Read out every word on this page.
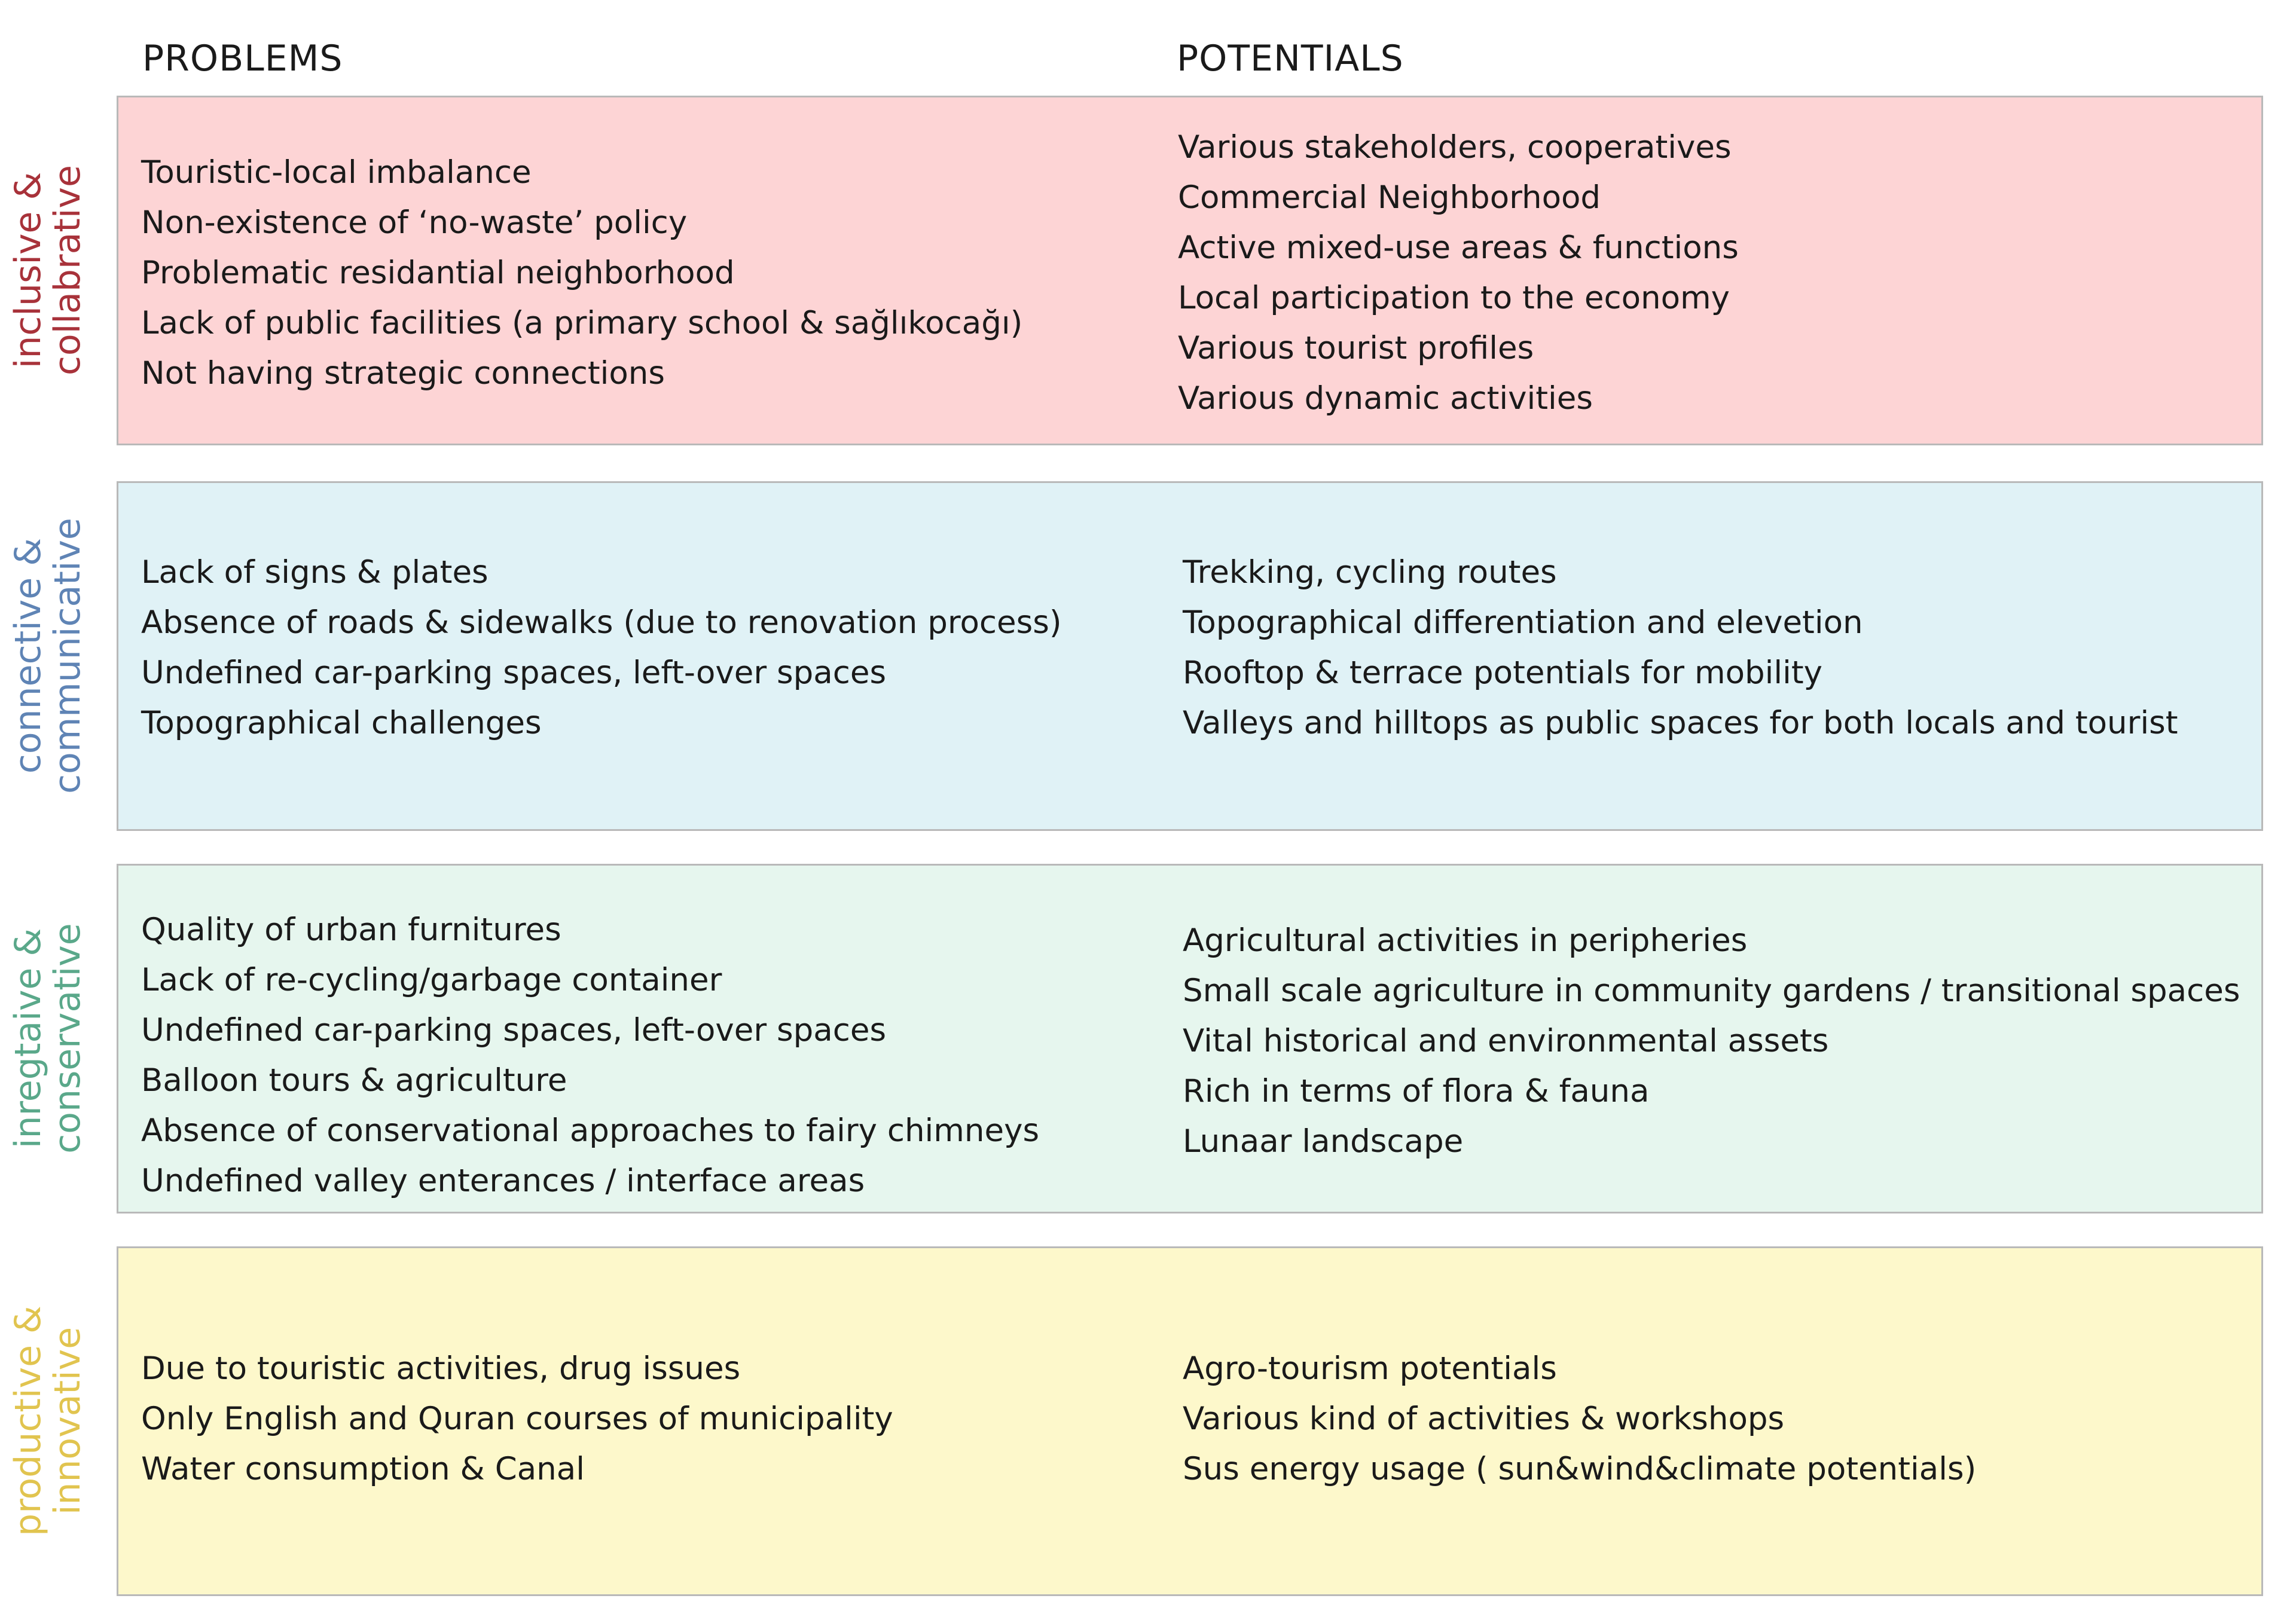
PROBLEMS	POTENTIALS
inclusive &
collabrative Touristic-local imbalance
Non-existence of ‘no-waste’ policy
Problematic residantial neighborhood
Lack of public facilities (a primary school & sağlıkocağı)
Not having strategic connections
Various stakeholders, cooperatives
Commercial Neighborhood
Active mixed-use areas & functions
Local participation to the economy
Various tourist profiles
Various dynamic activities
connective &
communicative Lack of signs & plates
Absence of roads & sidewalks (due to renovation process)
Undefined car-parking spaces, left-over spaces
Topographical challenges
Trekking, cycling routes
Topographical differentiation and elevetion
Rooftop & terrace potentials for mobility
Valleys and hilltops as public spaces for both locals and tourist
inregtaive &
conservative Quality of urban furnitures
Lack of re-cycling/garbage container
Undefined car-parking spaces, left-over spaces
Balloon tours & agriculture
Absence of conservational approaches to fairy chimneys
Undefined valley enterances / interface areas
Agricultural activities in peripheries
Small scale agriculture in community gardens / transitional spaces
Vital historical and environmental assets
Rich in terms of flora & fauna
Lunaar landscape
productive &
innovative Due to touristic activities, drug issues
Only English and Quran courses of municipality
Water consumption & Canal
Agro-tourism potentials
Various kind of activities & workshops
Sus energy usage ( sun&wind&climate potentials)
